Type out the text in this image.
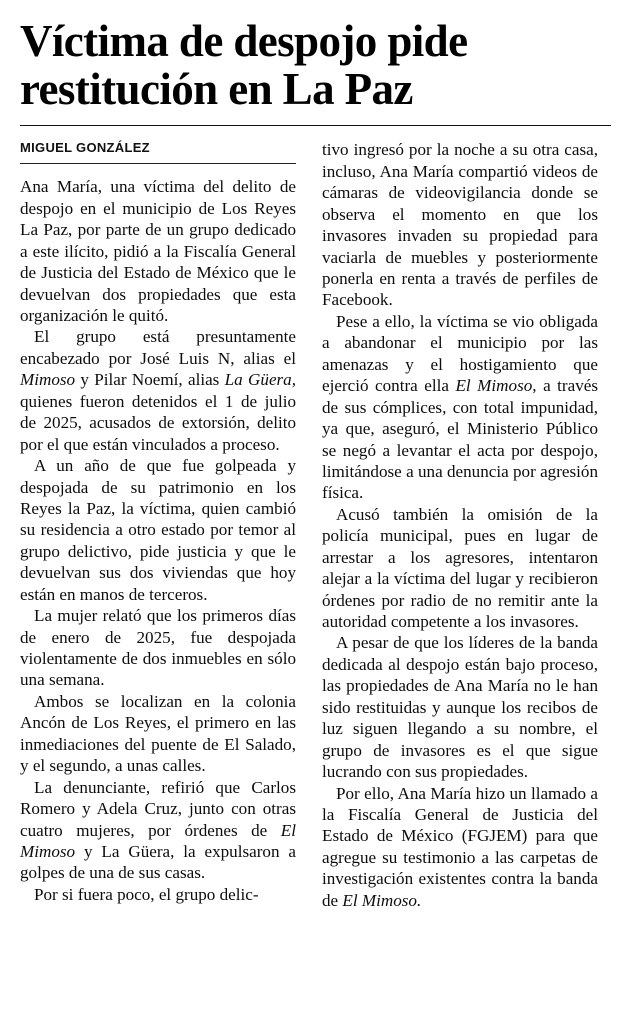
Víctima de despojo pide restitución en La Paz
MIGUEL GONZÁLEZ

Ana María, una víctima del delito de despojo en el municipio de Los Reyes La Paz, por parte de un grupo dedicado a este ilícito, pidió a la Fiscalía General de Justicia del Estado de México que le devuelvan dos propiedades que esta organización le quitó.

El grupo está presuntamente encabezado por José Luis N, alias el Mimoso y Pilar Noemí, alias La Güera, quienes fueron detenidos el 1 de julio de 2025, acusados de extorsión, delito por el que están vinculados a proceso.

A un año de que fue golpeada y despojada de su patrimonio en los Reyes la Paz, la víctima, quien cambió su residencia a otro estado por temor al grupo delictivo, pide justicia y que le devuelvan sus dos viviendas que hoy están en manos de terceros.

La mujer relató que los primeros días de enero de 2025, fue despojada violentamente de dos inmuebles en sólo una semana.

Ambos se localizan en la colonia Ancón de Los Reyes, el primero en las inmediaciones del puente de El Salado, y el segundo, a unas calles.

La denunciante, refirió que Carlos Romero y Adela Cruz, junto con otras cuatro mujeres, por órdenes de El Mimoso y La Güera, la expulsaron a golpes de una de sus casas.

Por si fuera poco, el grupo delic-

tivo ingresó por la noche a su otra casa, incluso, Ana María compartió videos de cámaras de videovigilancia donde se observa el momento en que los invasores invaden su propiedad para vaciarla de muebles y posteriormente ponerla en renta a través de perfiles de Facebook.

Pese a ello, la víctima se vio obligada a abandonar el municipio por las amenazas y el hostigamiento que ejerció contra ella El Mimoso, a través de sus cómplices, con total impunidad, ya que, aseguró, el Ministerio Público se negó a levantar el acta por despojo, limitándose a una denuncia por agresión física.

Acusó también la omisión de la policía municipal, pues en lugar de arrestar a los agresores, intentaron alejar a la víctima del lugar y recibieron órdenes por radio de no remitir ante la autoridad competente a los invasores.

A pesar de que los líderes de la banda dedicada al despojo están bajo proceso, las propiedades de Ana María no le han sido restituidas y aunque los recibos de luz siguen llegando a su nombre, el grupo de invasores es el que sigue lucrando con sus propiedades.

Por ello, Ana María hizo un llamado a la Fiscalía General de Justicia del Estado de México (FGJEM) para que agregue su testimonio a las carpetas de investigación existentes contra la banda de El Mimoso.
